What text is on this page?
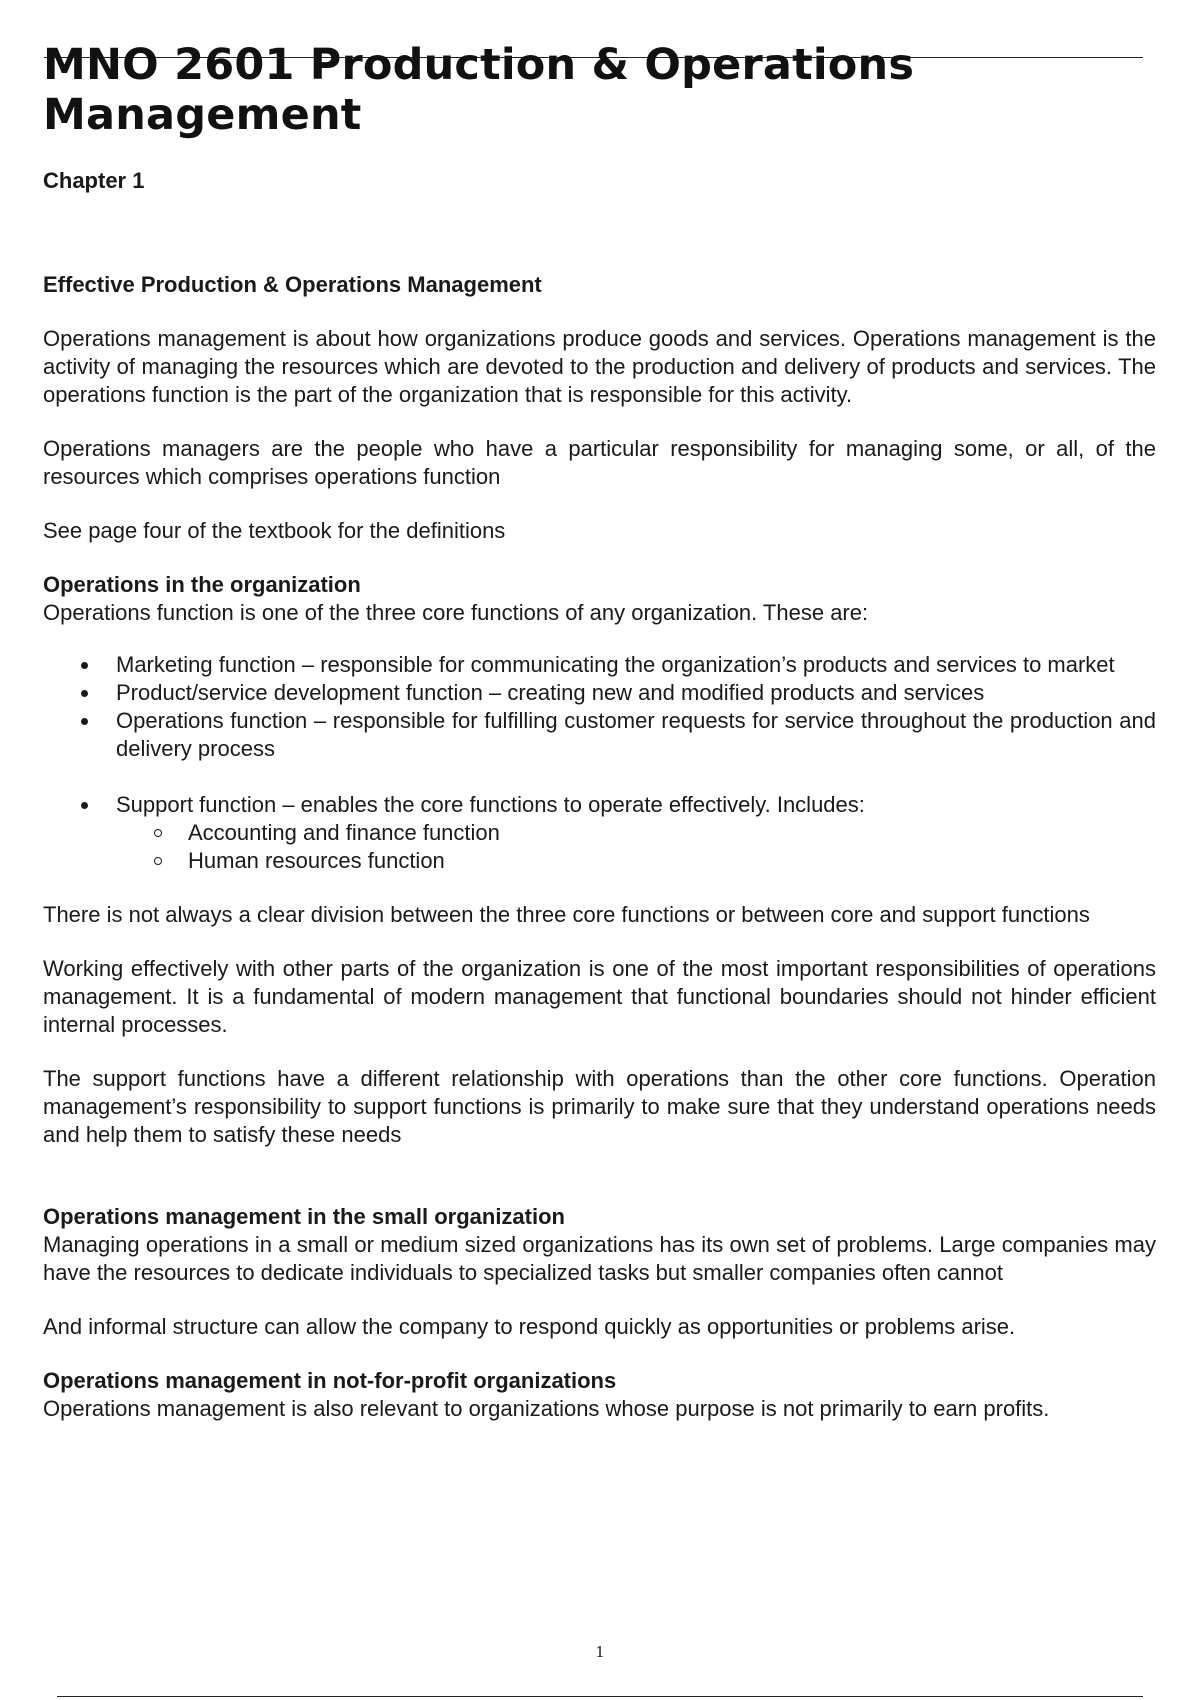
MNO 2601 Production & Operations Management
Chapter 1
Effective Production & Operations Management

Operations management is about how organizations produce goods and services. Operations management is the activity of managing the resources which are devoted to the production and delivery of products and services. The operations function is the part of the organization that is responsible for this activity.

Operations managers are the people who have a particular responsibility for managing some, or all, of the resources which comprises operations function

See page four of the textbook for the definitions

Operations in the organization

Operations function is one of the three core functions of any organization. These are:

Marketing function – responsible for communicating the organization’s products and services to market
Product/service development function – creating new and modified products and services
Operations function – responsible for fulfilling customer requests for service throughout the production and delivery process
Support function – enables the core functions to operate effectively. Includes:
Accounting and finance function
Human resources function

There is not always a clear division between the three core functions or between core and support functions

Working effectively with other parts of the organization is one of the most important responsibilities of operations management. It is a fundamental of modern management that functional boundaries should not hinder efficient internal processes.

The support functions have a different relationship with operations than the other core functions. Operation management’s responsibility to support functions is primarily to make sure that they understand operations needs and help them to satisfy these needs

Operations management in the small organization

Managing operations in a small or medium sized organizations has its own set of problems. Large companies may have the resources to dedicate individuals to specialized tasks but smaller companies often cannot

And informal structure can allow the company to respond quickly as opportunities or problems arise.

Operations management in not-for-profit organizations

Operations management is also relevant to organizations whose purpose is not primarily to earn profits.

1
